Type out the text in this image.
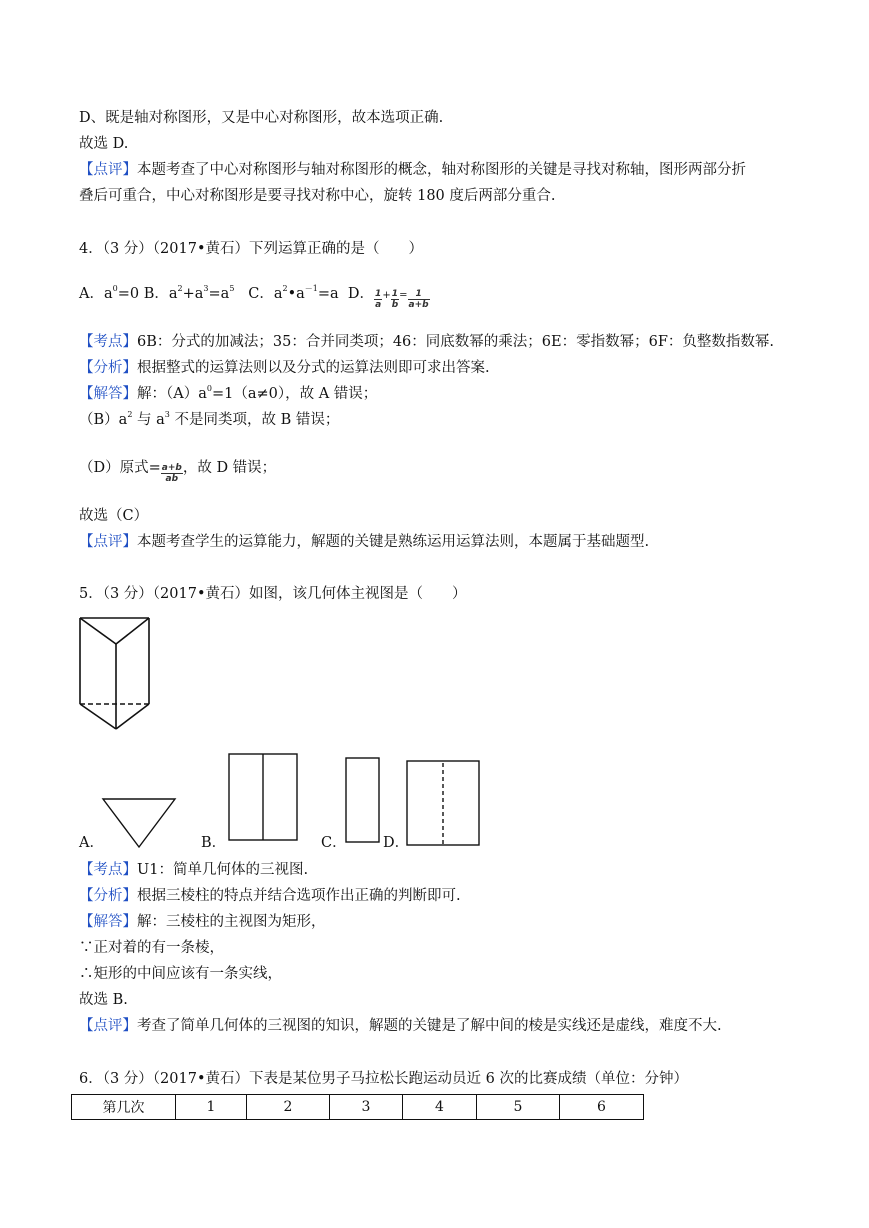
D、既是轴对称图形，又是中心对称图形，故本选项正确.
故选 D.
【点评】本题考查了中心对称图形与轴对称图形的概念，轴对称图形的关键是寻找对称轴，图形两部分折
叠后可重合，中心对称图形是要寻找对称中心，旋转 180 度后两部分重合.
4．（3 分）（2017•黄石）下列运算正确的是（　　）
A．$a^0=0$ B．$a^2+a^3=a^5$ C．$a^2•a^{-1}=a$ D． $\frac{1}{a} + \frac{1}{b} = \frac{1}{a+b}$
【考点】6B：分式的加减法；35：合并同类项；46：同底数幂的乘法；6E：零指数幂；6F：负整数指数幂.
【分析】根据整式的运算法则以及分式的运算法则即可求出答案.
【解答】解：$(A)a^0=1(a\ne 0)$，故 A 错误；
$(B)a^2$ 与 $a^3$ 不是同类项，故 B 错误；
（D）原式= $\frac{a+b}{ab}$ ，故 D 错误；
故选（C）
【点评】本题考查学生的运算能力，解题的关键是熟练运用运算法则，本题属于基础题型.
5．（3 分）（2017•黄石）如图，该几何体主视图是（　　）
A．	B．	C．	D．
【考点】U1：简单几何体的三视图.
【分析】根据三棱柱的特点并结合选项作出正确的判断即可.
【解答】解：三棱柱的主视图为矩形，
∵正对着的有一条棱，
∴矩形的中间应该有一条实线，
故选 B.
【点评】考查了简单几何体的三视图的知识，解题的关键是了解中间的棱是实线还是虚线，难度不大.
6．（3 分）（2017•黄石）下表是某位男子马拉松长跑运动员近 6 次的比赛成绩（单位：分钟）
第几次	1	2	3	4	5	6
